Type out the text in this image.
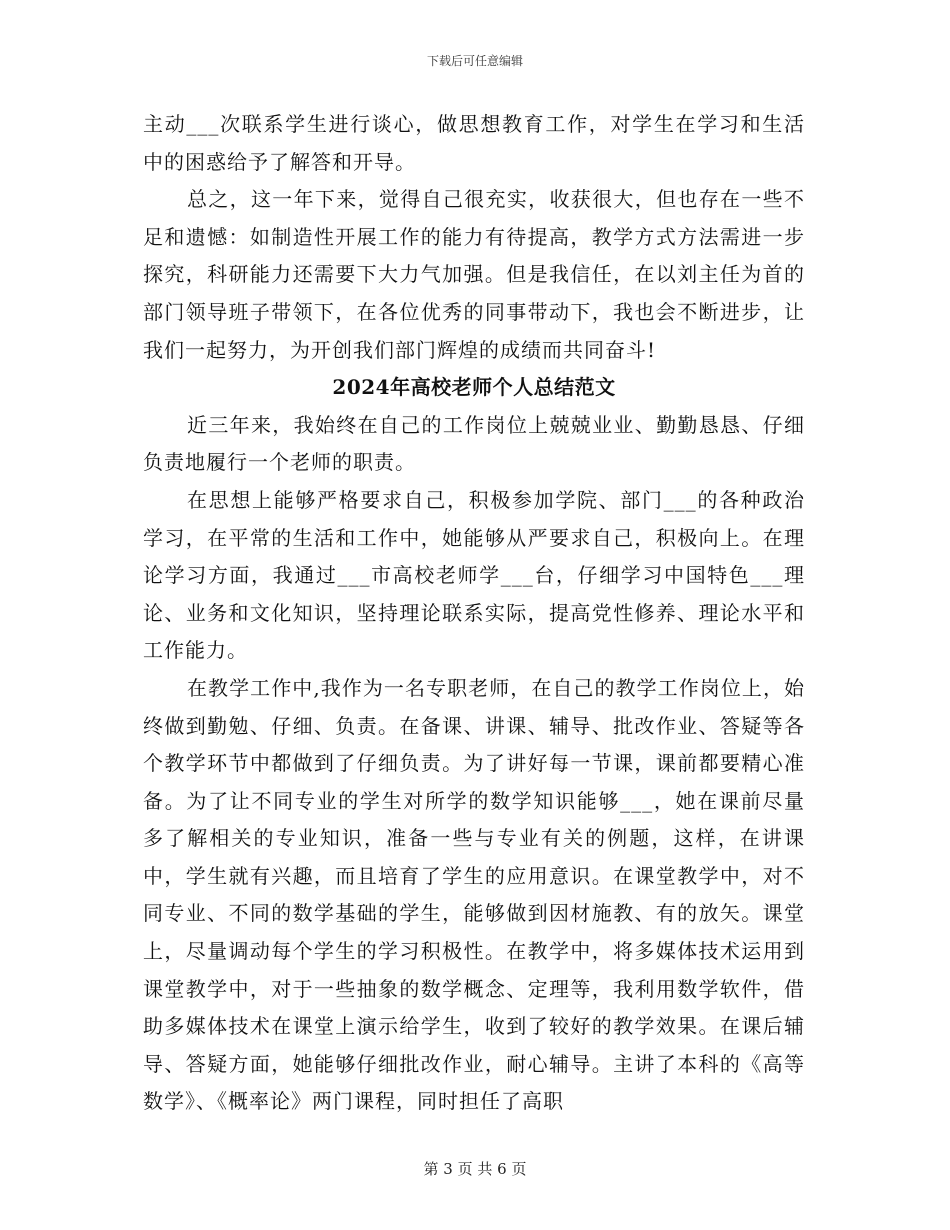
下载后可任意编辑

主动___次联系学生进行谈心，做思想教育工作，对学生在学习和生活中的困惑给予了解答和开导。

总之，这一年下来，觉得自己很充实，收获很大，但也存在一些不足和遗憾：如制造性开展工作的能力有待提高，教学方式方法需进一步探究，科研能力还需要下大力气加强。但是我信任，在以刘主任为首的部门领导班子带领下，在各位优秀的同事带动下，我也会不断进步，让我们一起努力，为开创我们部门辉煌的成绩而共同奋斗!

2024年高校老师个人总结范文

近三年来，我始终在自己的工作岗位上兢兢业业、勤勤恳恳、仔细负责地履行一个老师的职责。

在思想上能够严格要求自己，积极参加学院、部门___的各种政治学习，在平常的生活和工作中，她能够从严要求自己，积极向上。在理论学习方面，我通过___市高校老师学___台，仔细学习中国特色___理论、业务和文化知识，坚持理论联系实际，提高党性修养、理论水平和工作能力。

在教学工作中,我作为一名专职老师，在自己的教学工作岗位上，始终做到勤勉、仔细、负责。在备课、讲课、辅导、批改作业、答疑等各个教学环节中都做到了仔细负责。为了讲好每一节课，课前都要精心准备。为了让不同专业的学生对所学的数学知识能够___，她在课前尽量多了解相关的专业知识，准备一些与专业有关的例题，这样，在讲课中，学生就有兴趣，而且培育了学生的应用意识。在课堂教学中，对不同专业、不同的数学基础的学生，能够做到因材施教、有的放矢。课堂上，尽量调动每个学生的学习积极性。在教学中，将多媒体技术运用到课堂教学中，对于一些抽象的数学概念、定理等，我利用数学软件，借助多媒体技术在课堂上演示给学生，收到了较好的教学效果。在课后辅导、答疑方面，她能够仔细批改作业，耐心辅导。主讲了本科的《高等数学》、《概率论》两门课程，同时担任了高职

第 3 页 共 6 页
